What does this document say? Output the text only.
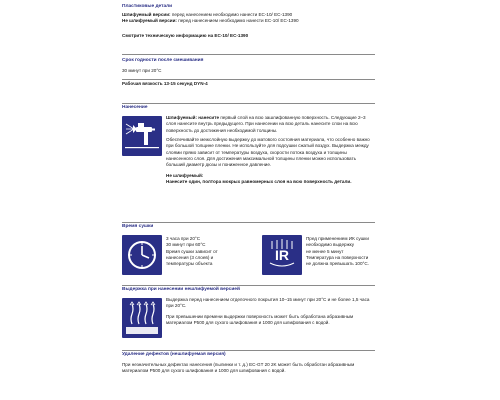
Пластиковые детали
Шлифуемый версии: перед нанесением необходимо нанести EC-10/ EC-1390
Не шлифуемый версии: перед нанесением необходимо нанести EC-10/ EC-1390
Смотрите техническую информацию на EC-10/ EC-1390
Срок годности после смешивания
30 минут при 20°C
Рабочая вязкость 13-15 секунд DYN-4
Нанесение

Шлифуемый: нанесите первый слой на всю зашлифованную поверхность. Следующие 2–3 слоя нанесите внутрь предыдущего. При нанесении на всю деталь нанесите слои на всю поверхность до достижения необходимой толщины.

Обеспечивайте межслойную выдержку до матового состояния материала, что особенно важно при большой толщине пленки. Не используйте для подсушки сжатый воздух. Выдержка между слоями прямо зависит от температуры воздуха, скорости потока воздуха и толщины нанесенного слоя. Для достижения максимальной толщины пленки можно использовать больший диаметр дюзы и пониженное давление.

Не шлифуемый:

Нанесите один, полтора мокрых равномерных слоя на всю поверхность детали.

Время сушки
3 часа при 20°C
30 минут при 60°C
Время сушки зависит от
нанесения (3 слоев) и
температуры объекта
IR
Пред применением ИК сушки
необходимо выдержку
не менее 5 минут
Температура на поверхности
не должна превышать 100°C.
Выдержка при нанесении нешлифуемой версией

Выдержка перед нанесением отделочного покрытия 10–15 минут при 20°C и не более 1,5 часа при 20°C.

При превышении времени выдержки поверхность может быть обработана абразивным материалом P500 для сухого шлифования и 1000 для шлифования с водой.

Удаление дефектов (нешлифуемая версия)
При незначительных дефектах нанесения (пылинки и т. д.) EC-GT 20 2K может быть обработан абразивным материалом P500 для сухого шлифования и 1000 для шлифования с водой.
